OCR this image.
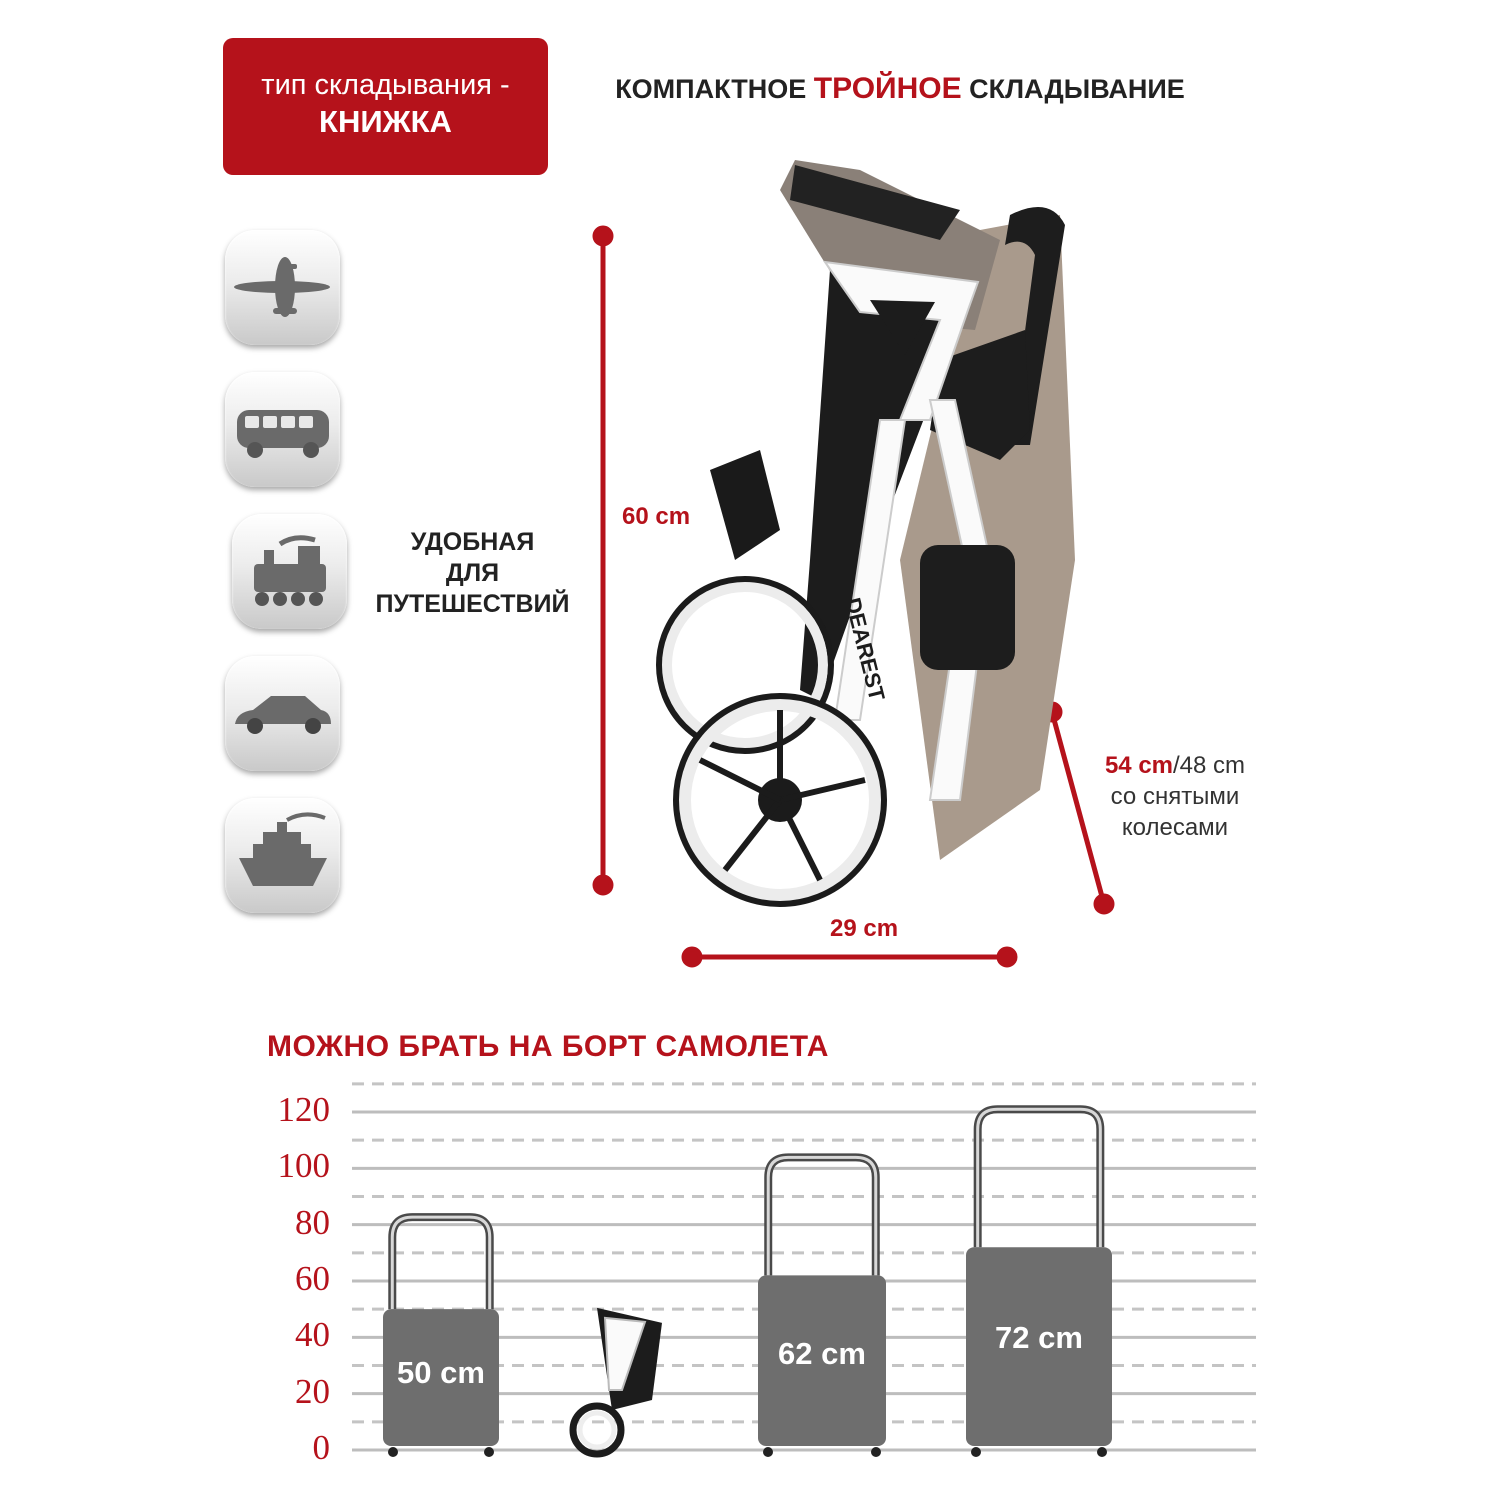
тип складывания -
КНИЖКА
КОМПАКТНОЕ ТРОЙНОЕ СКЛАДЫВАНИЕ
УДОБНАЯ
ДЛЯ
ПУТЕШЕСТВИЙ	DEAREST
60 cm
29 cm
54 cm/48 cm
со снятыми
колесами
МОЖНО БРАТЬ НА БОРТ САМОЛЕТА
120
100
80
60
40
20
0
50 cm
62 cm	72 cm
